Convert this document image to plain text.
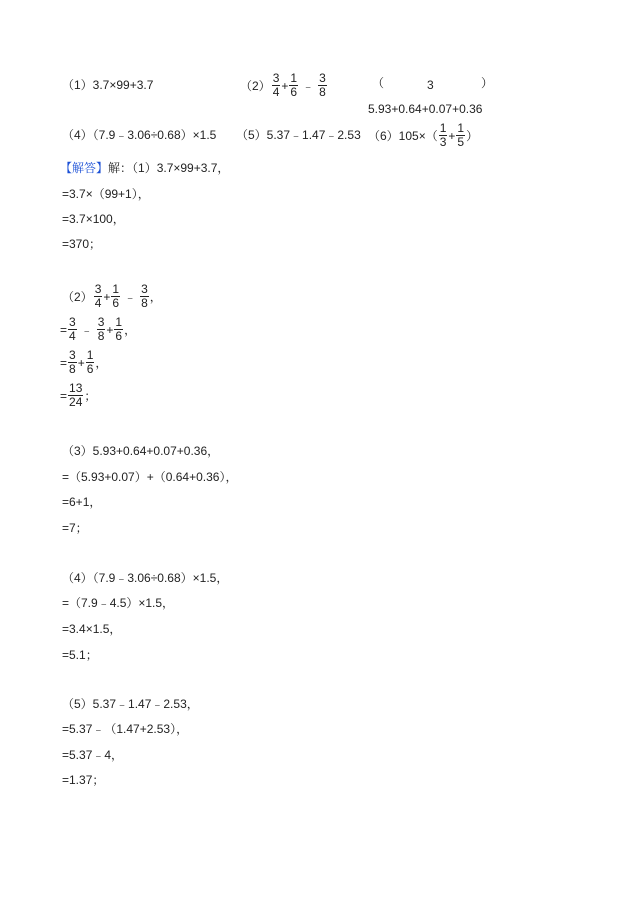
（1）3.7×99+3.7	$(2) \frac{3}{4} + \frac{1}{6}$ ﹣ $\frac{3}{8}$	（	3	）
5.93+0.64+0.07+0.36
（4）（7.9﹣3.06÷0.68）×1.5 （5）5.37﹣1.47﹣2.53 $(6)105\times( \frac{1}{3} + \frac{1}{5}$ ）
【解答】 解：（1）3.7×99+3.7，
=3.7×（99+1），
=3.7×100，
=370；
$(2) \frac{3}{4} + \frac{1}{6}$ ﹣ $\frac{3}{8}$ ，
= $\frac{3}{4}$ ﹣ $\frac{3}{8} + \frac{1}{6}$ ，
= $\frac{3}{8} + \frac{1}{6}$ ，
= $\frac{13}{24}$ ；
（3）5.93+0.64+0.07+0.36，
=（5.93+0.07）+（0.64+0.36），
=6+1，
=7；
（4）（7.9﹣3.06÷0.68）×1.5，
=（7.9﹣4.5）×1.5，
=3.4×1.5，
=5.1；
（5）5.37﹣1.47﹣2.53，
=5.37﹣（1.47+2.53），
=5.37﹣4，
=1.37；
